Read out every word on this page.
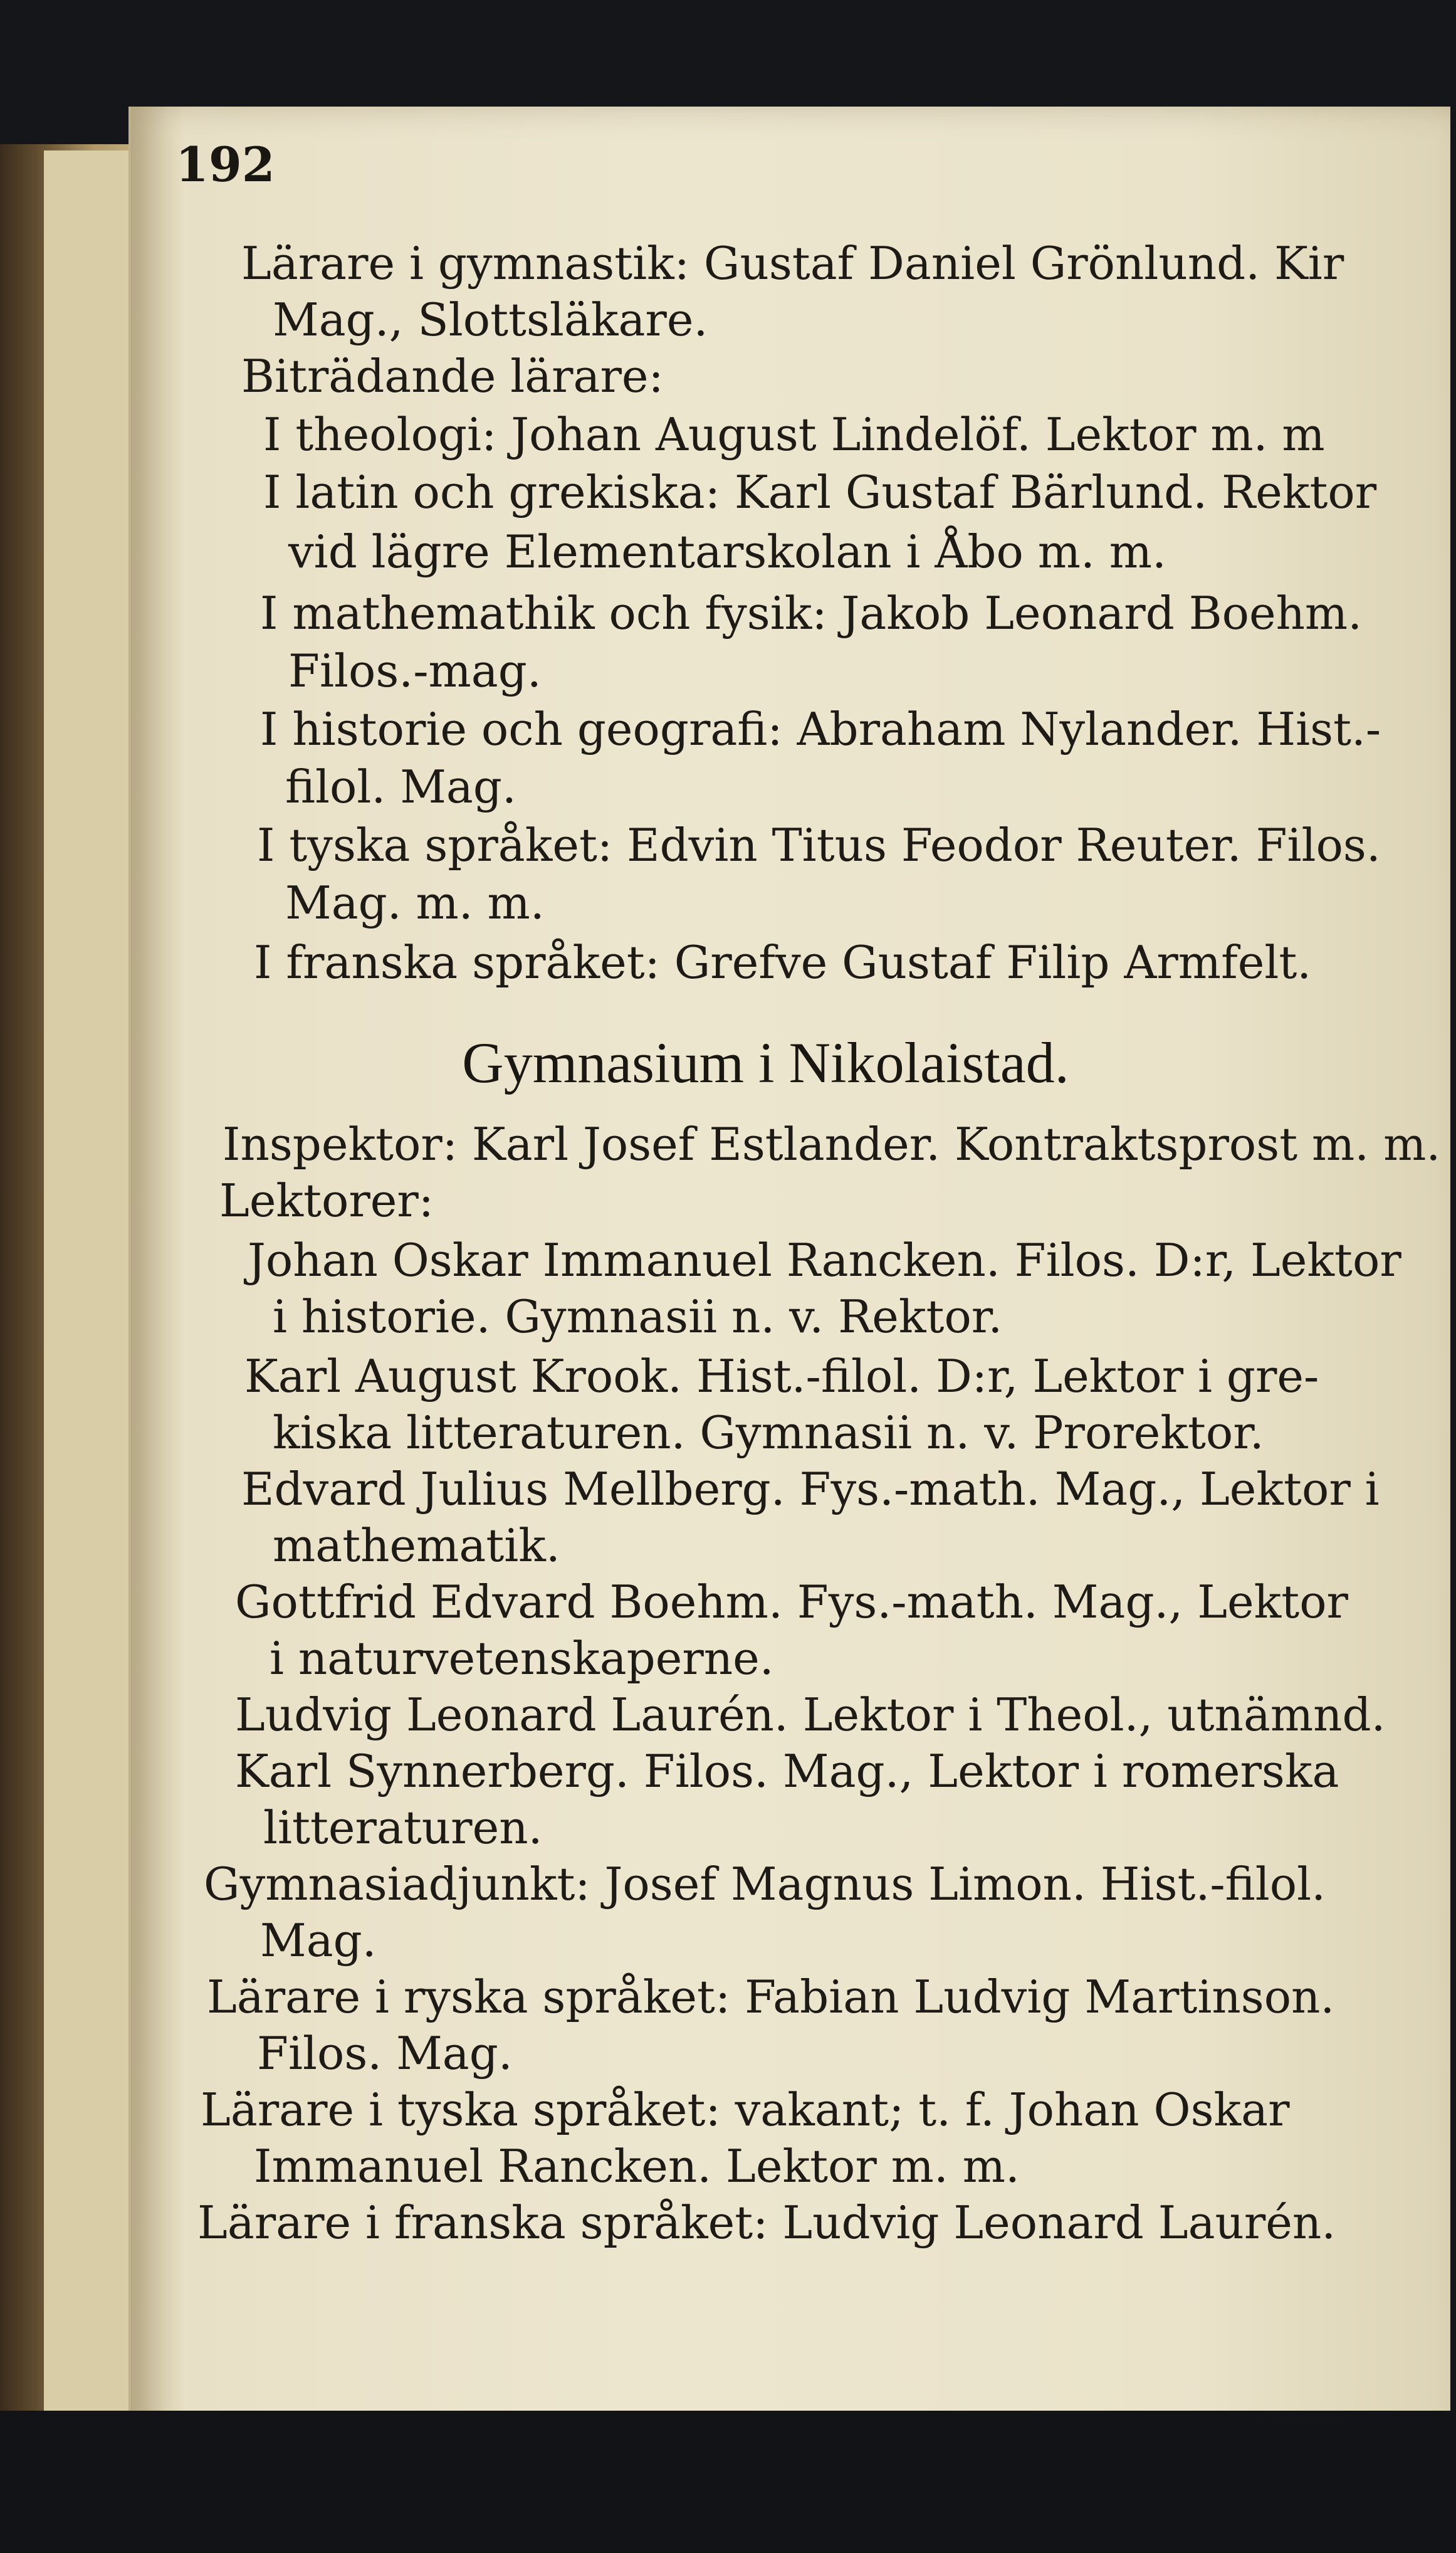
192
Lärare i gymnastik: Gustaf Daniel Grönlund. Kir
Mag., Slottsläkare.
Biträdande lärare:
I theologi: Johan August Lindelöf. Lektor m. m
I latin och grekiska: Karl Gustaf Bärlund. Rektor
vid lägre Elementarskolan i Åbo m. m.
I mathemathik och fysik: Jakob Leonard Boehm.
Filos.-mag.
I historie och geografi: Abraham Nylander. Hist.-
filol. Mag.
I tyska språket: Edvin Titus Feodor Reuter. Filos.
Mag. m. m.
I franska språket: Grefve Gustaf Filip Armfelt.
Gymnasium i Nikolaistad.
Inspektor: Karl Josef Estlander. Kontraktsprost m. m.
Lektorer:
Johan Oskar Immanuel Rancken. Filos. D:r, Lektor
i historie. Gymnasii n. v. Rektor.
Karl August Krook. Hist.-filol. D:r, Lektor i gre-
kiska litteraturen. Gymnasii n. v. Prorektor.
Edvard Julius Mellberg. Fys.-math. Mag., Lektor i
mathematik.
Gottfrid Edvard Boehm. Fys.-math. Mag., Lektor
i naturvetenskaperne.
Ludvig Leonard Laurén. Lektor i Theol., utnämnd.
Karl Synnerberg. Filos. Mag., Lektor i romerska
litteraturen.
Gymnasiadjunkt: Josef Magnus Limon. Hist.-filol.
Mag.
Lärare i ryska språket: Fabian Ludvig Martinson.
Filos. Mag.
Lärare i tyska språket: vakant; t. f. Johan Oskar
Immanuel Rancken. Lektor m. m.
Lärare i franska språket: Ludvig Leonard Laurén.
